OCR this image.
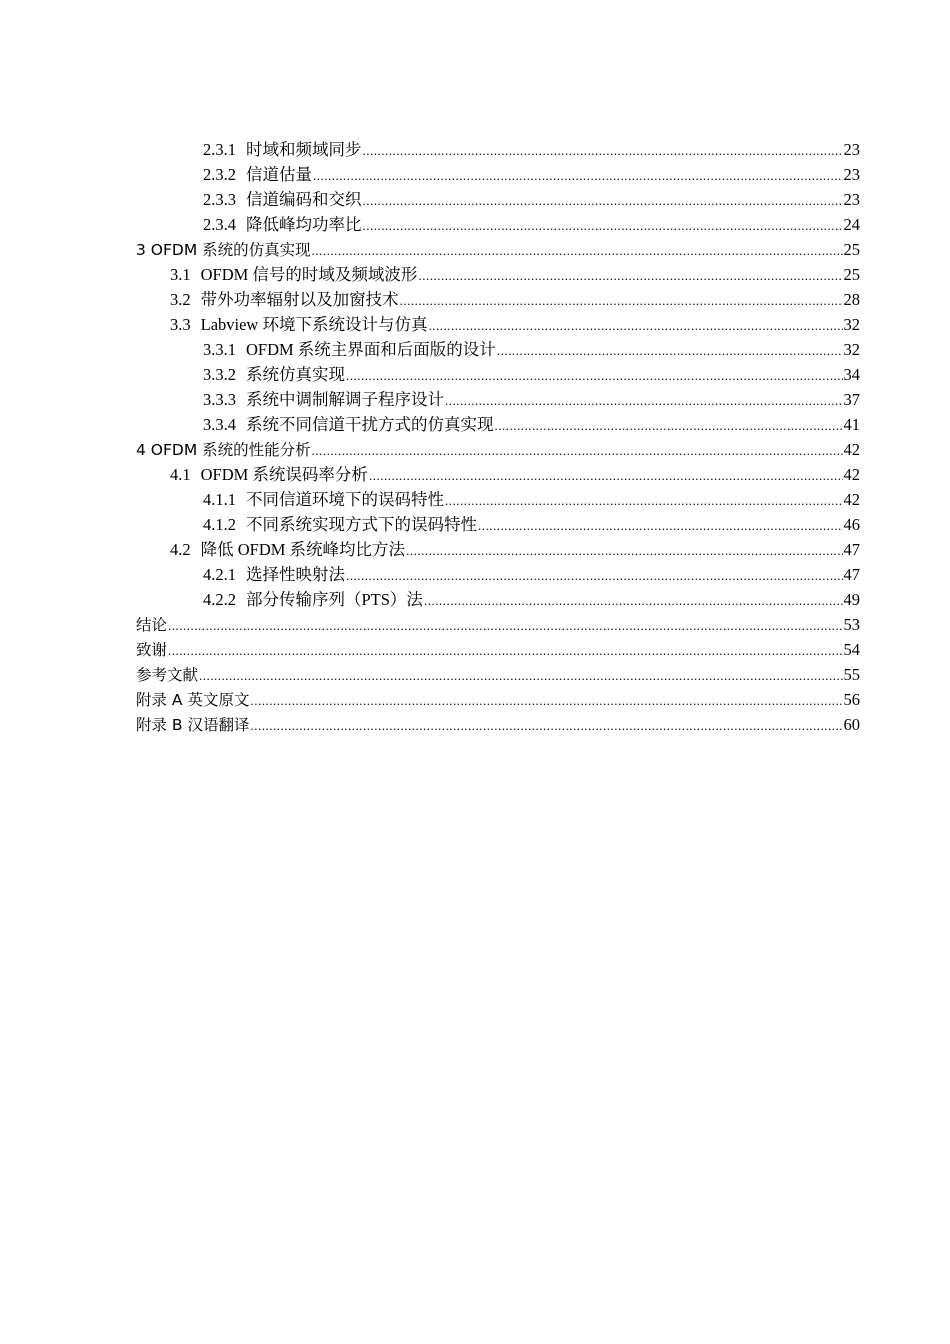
2.3.1 时域和频域同步 .....	23
2.3.2 信道估量 .....	23
2.3.3 信道编码和交织 .....	23
2.3.4 降低峰均功率比 .....	24
3 OFDM 系统的仿真实现 .....	25
3.1 OFDM 信号的时域及频域波形 .....	25
3.2 带外功率辐射以及加窗技术 .....	28
3.3 Labview 环境下系统设计与仿真 .....	32
3.3.1 OFDM 系统主界面和后面版的设计 .....	32
3.3.2 系统仿真实现 .....	34
3.3.3 系统中调制解调子程序设计 .....	37
3.3.4 系统不同信道干扰方式的仿真实现 .....	41
4 OFDM 系统的性能分析 .....	42
4.1 OFDM 系统误码率分析 .....	42
4.1.1 不同信道环境下的误码特性 .....	42
4.1.2 不同系统实现方式下的误码特性 .....	46
4.2 降低 OFDM 系统峰均比方法 .....	47
4.2.1 选择性映射法 .....	47
4.2.2 部分传输序列（PTS）法 .....	49
结论 .....	53
致谢 .....	54
参考文献 .....	55
附录 A 英文原文 .....	56
附录 B 汉语翻译 .....	60
